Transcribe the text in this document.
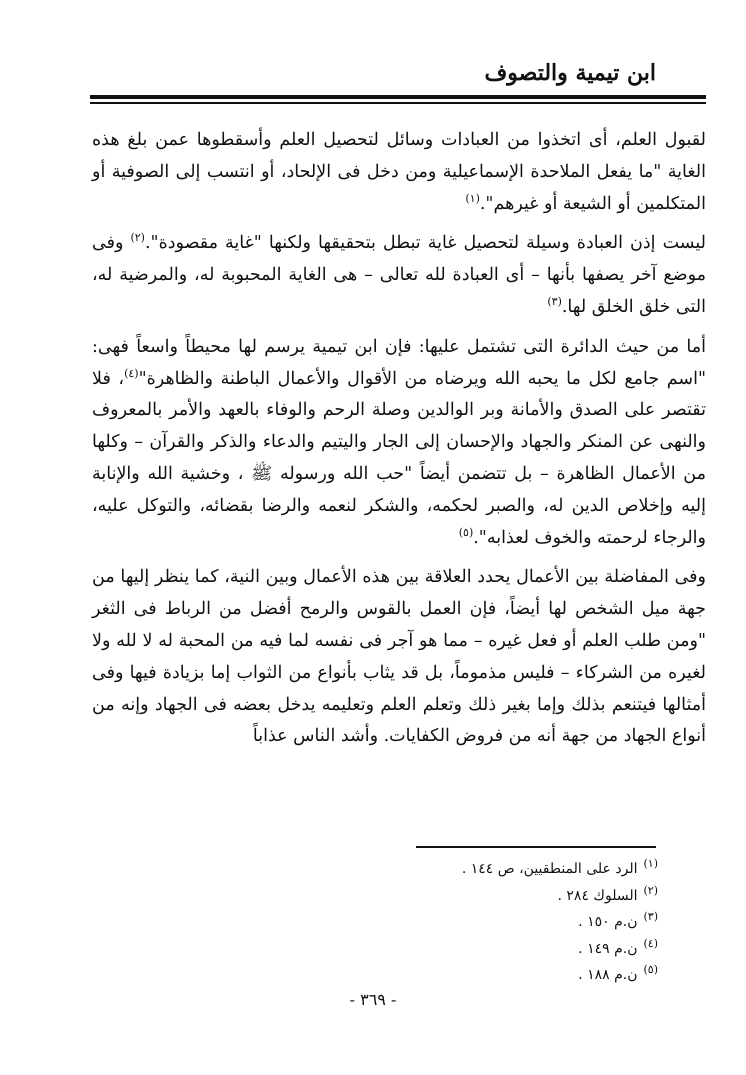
ابن تيمية والتصوف

لقبول العلم، أى اتخذوا من العبادات وسائل لتحصيل العلم وأسقطوها عمن بلغ هذه الغاية "ما يفعل الملاحدة الإسماعيلية ومن دخل فى الإلحاد، أو انتسب إلى الصوفية أو المتكلمين أو الشيعة أو غيرهم".$^{(١)}$

ليست إذن العبادة وسيلة لتحصيل غاية تبطل بتحقيقها ولكنها "غاية مقصودة".$^{(٢)}$ وفى موضع آخر يصفها بأنها – أى العبادة لله تعالى – هى الغاية المحبوبة له، والمرضية له، التى خلق الخلق لها.$^{(٣)}$

أما من حيث الدائرة التى تشتمل عليها: فإن ابن تيمية يرسم لها محيطاً واسعاً فهى: "اسم جامع لكل ما يحبه الله ويرضاه من الأقوال والأعمال الباطنة والظاهرة"$^{(٤)}$، فلا تقتصر على الصدق والأمانة وبر الوالدين وصلة الرحم والوفاء بالعهد والأمر بالمعروف والنهى عن المنكر والجهاد والإحسان إلى الجار واليتيم والدعاء والذكر والقرآن – وكلها من الأعمال الظاهرة – بل تتضمن أيضاً "حب الله ورسوله ﷺ ، وخشية الله والإنابة إليه وإخلاص الدين له، والصبر لحكمه، والشكر لنعمه والرضا بقضائه، والتوكل عليه، والرجاء لرحمته والخوف لعذابه".$^{(٥)}$

وفى المفاضلة بين الأعمال يحدد العلاقة بين هذه الأعمال وبين النية، كما ينظر إليها من جهة ميل الشخص لها أيضاً، فإن العمل بالقوس والرمح أفضل من الرباط فى الثغر "ومن طلب العلم أو فعل غيره – مما هو آجر فى نفسه لما فيه من المحبة له لا لله ولا لغيره من الشركاء – فليس مذموماً، بل قد يثاب بأنواع من الثواب إما بزيادة فيها وفى أمثالها فيتنعم بذلك وإما بغير ذلك وتعلم العلم وتعليمه يدخل بعضه فى الجهاد وإنه من أنواع الجهاد من جهة أنه من فروض الكفايات. وأشد الناس عذاباً

$^{(١)}$الرد على المنطقيين، ص ١٤٤ .
$^{(٢)}$السلوك ٢٨٤ .
$^{(٣)}$ن.م ١٥٠ .
$^{(٤)}$ن.م ١٤٩ .
$^{(٥)}$ن.م ١٨٨ .
- ٣٦٩ -
